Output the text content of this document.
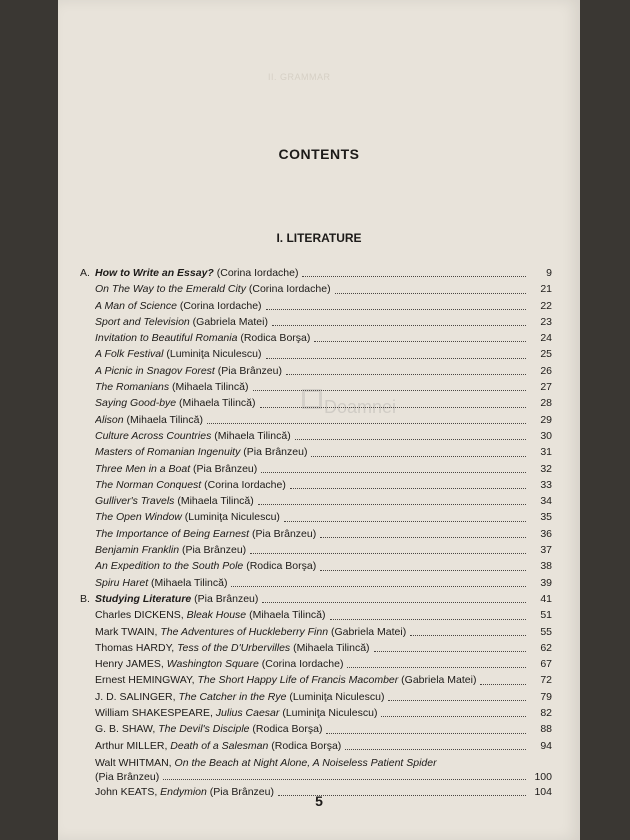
II. GRAMMAR
CONTENTS
I. LITERATURE
Doamnei
A. How to Write an Essay? (Corina Iordache)	9
On The Way to the Emerald City (Corina Iordache)	21
A Man of Science (Corina Iordache)	22
Sport and Television (Gabriela Matei)	23
Invitation to Beautiful Romania (Rodica Borşa)	24
A Folk Festival (Luminiţa Niculescu)	25
A Picnic in Snagov Forest (Pia Brânzeu)	26
The Romanians (Mihaela Tilincă)	27
Saying Good-bye (Mihaela Tilincă)	28
Alison (Mihaela Tilincă)	29
Culture Across Countries (Mihaela Tilincă)	30
Masters of Romanian Ingenuity (Pia Brânzeu)	31
Three Men in a Boat (Pia Brânzeu)	32
The Norman Conquest (Corina Iordache)	33
Gulliver's Travels (Mihaela Tilincă)	34
The Open Window (Luminiţa Niculescu)	35
The Importance of Being Earnest (Pia Brânzeu)	36
Benjamin Franklin (Pia Brânzeu)	37
An Expedition to the South Pole (Rodica Borşa)	38
Spiru Haret (Mihaela Tilincă)	39
B. Studying Literature (Pia Brânzeu)	41
Charles DICKENS, Bleak House (Mihaela Tilincă)	51
Mark TWAIN, The Adventures of Huckleberry Finn (Gabriela Matei)	55
Thomas HARDY, Tess of the D'Urbervilles (Mihaela Tilincă)	62
Henry JAMES, Washington Square (Corina Iordache)	67
Ernest HEMINGWAY, The Short Happy Life of Francis Macomber (Gabriela Matei)	72
J. D. SALINGER, The Catcher in the Rye (Luminiţa Niculescu)	79
William SHAKESPEARE, Julius Caesar (Luminiţa Niculescu)	82
G. B. SHAW, The Devil's Disciple (Rodica Borşa)	88
Arthur MILLER, Death of a Salesman (Rodica Borşa)	94
Walt WHITMAN, On the Beach at Night Alone, A Noiseless Patient Spider
(Pia Brânzeu)	100
John KEATS, Endymion (Pia Brânzeu)	104
5
